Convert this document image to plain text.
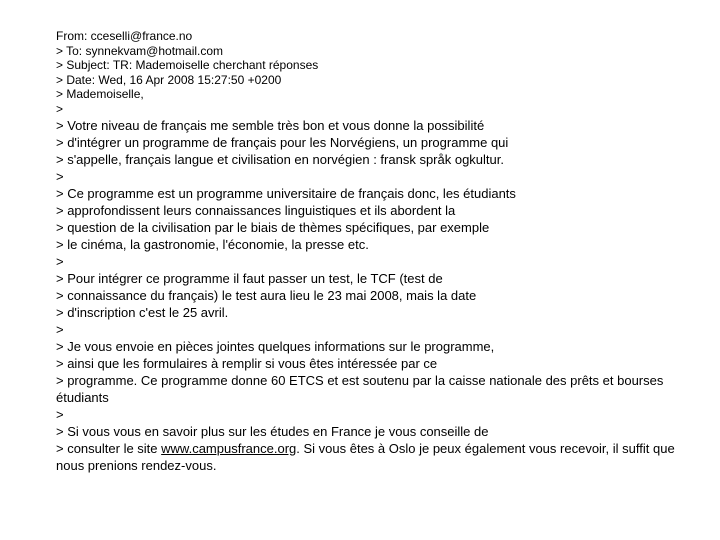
From: cceselli@france.no
> To: synnekvam@hotmail.com
> Subject: TR: Mademoiselle cherchant réponses
> Date: Wed, 16 Apr 2008 15:27:50 +0200
> Mademoiselle,
>
> Votre niveau de français me semble très bon et vous donne la possibilité
> d'intégrer un programme de français pour les Norvégiens, un programme qui
> s'appelle, français langue et civilisation en norvégien : fransk språk ogkultur.
>
> Ce programme est un programme universitaire de français donc, les étudiants
> approfondissent leurs connaissances linguistiques et ils abordent la
> question de la civilisation par le biais de thèmes spécifiques, par exemple
> le cinéma, la gastronomie, l'économie, la presse etc.
>
> Pour intégrer ce programme il faut passer un test, le TCF (test de
> connaissance du français) le test aura lieu le 23 mai 2008, mais la date
> d'inscription c'est le 25 avril.
>
> Je vous envoie en pièces jointes quelques informations sur le programme,
> ainsi que les formulaires à remplir si vous êtes intéressée par ce
> programme. Ce programme donne 60 ETCS et est soutenu par la caisse nationale des prêts et bourses étudiants
>
> Si vous vous en savoir plus sur les études en France je vous conseille de
> consulter le site www.campusfrance.org. Si vous êtes à Oslo je peux également vous recevoir, il suffit que nous prenions rendez-vous.
